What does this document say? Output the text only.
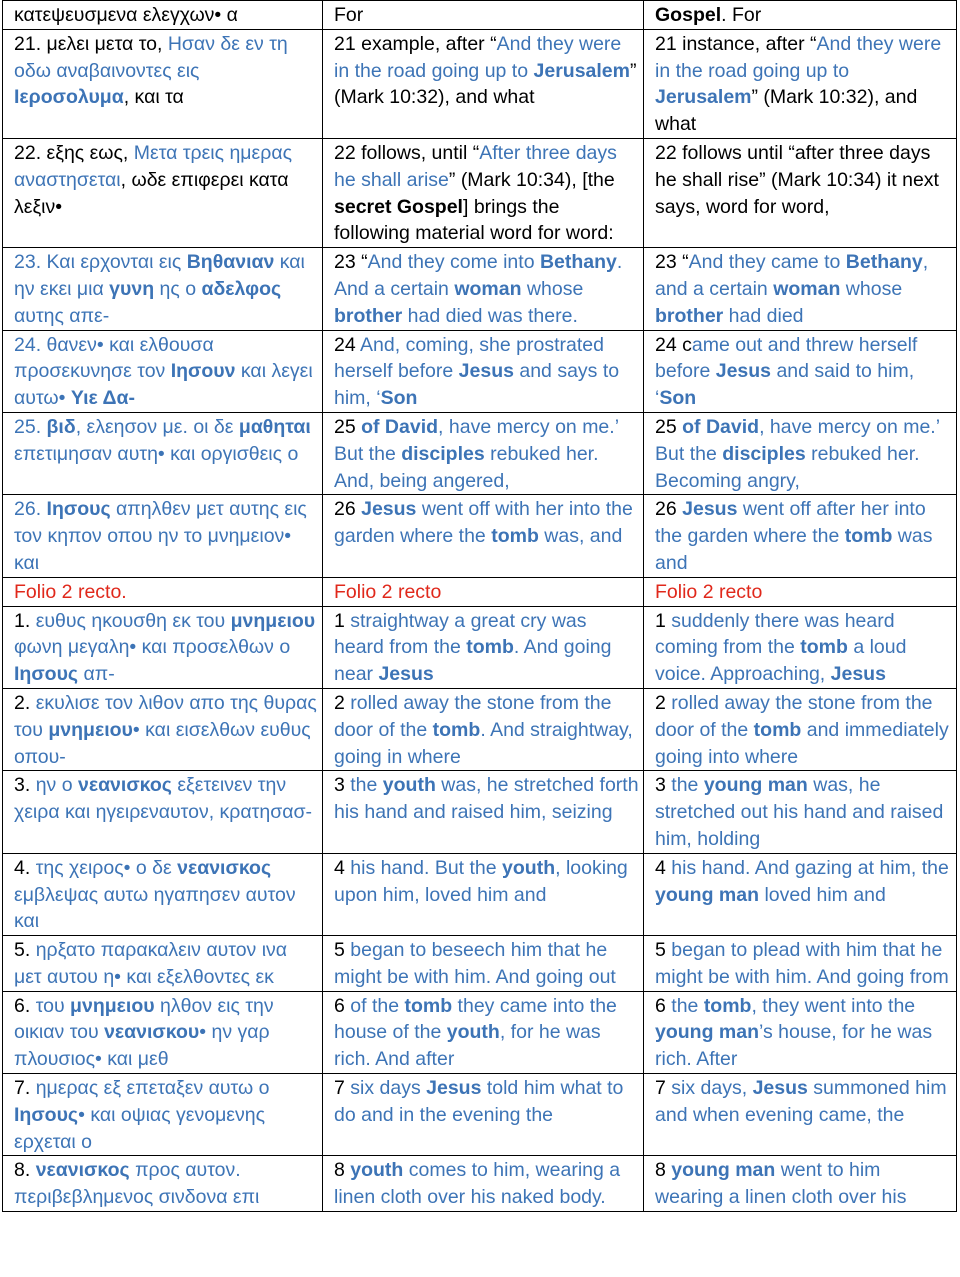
κατεψευσμενα ελεγχων• α	For	Gospel. For
21. μελει μετα το, Ησαν δε εν τη οδω αναβαινοντες εις Ιεροσολυμα, και τα	21 example, after “And they were in the road going up to Jerusalem” (Mark 10:32), and what	21 instance, after “And they were in the road going up to Jerusalem” (Mark 10:32), and what
22. εξης εως, Μετα τρεις ημερας αναστησεται, ωδε επιφερει κατα λεξιν•	22 follows, until “After three days he shall arise” (Mark 10:34), [the secret Gospel] brings the following material word for word:	22 follows until “after three days he shall rise” (Mark 10:34) it next says, word for word,
23. Και ερχονται εις Βηθανιαν και ην εκει μια γυνη ης ο αδελφος αυτης απε-	23 “And they come into Bethany. And a certain woman whose brother had died was there.	23 “And they came to Bethany, and a certain woman whose brother had died
24. θανεν• και ελθουσα προσεκυνησε τον Ιησουν και λεγει αυτω• Υιε Δα-	24 And, coming, she prostrated herself before Jesus and says to him, ‘Son	24 came out and threw herself before Jesus and said to him, ‘Son
25. βιδ, ελεησον με. οι δε μαθηται επετιμησαν αυτη• και οργισθεις ο	25 of David, have mercy on me.’ But the disciples rebuked her. And, being angered,	25 of David, have mercy on me.’ But the disciples rebuked her. Becoming angry,
26. Ιησους απηλθεν μετ αυτης εις τον κηπον οπου ην το μνημειον• και	26 Jesus went off with her into the garden where the tomb was, and	26 Jesus went off after her into the garden where the tomb was and
Folio 2 recto.	Folio 2 recto	Folio 2 recto
1. ευθυς ηκουσθη εκ του μνημειου φωνη μεγαλη• και προσελθων ο Ιησους απ-	1 straightway a great cry was heard from the tomb. And going near Jesus	1 suddenly there was heard coming from the tomb a loud voice. Approaching, Jesus
2. εκυλισε τον λιθον απο της θυρας του μνημειου• και εισελθων ευθυς οπου-	2 rolled away the stone from the door of the tomb. And straightway, going in where	2 rolled away the stone from the door of the tomb and immediately going into where
3. ην ο νεανισκος εξετεινεν την χειρα και ηγειρεναυτον, κρατησασ-	3 the youth was, he stretched forth his hand and raised him, seizing	3 the young man was, he stretched out his hand and raised him, holding
4. της χειρος• ο δε νεανισκος εμβλεψας αυτω ηγαπησεν αυτον και	4 his hand. But the youth, looking upon him, loved him and	4 his hand. And gazing at him, the young man loved him and
5. ηρξατο παρακαλειν αυτον ινα μετ αυτου η• και εξελθοντες εκ	5 began to beseech him that he might be with him. And going out	5 began to plead with him that he might be with him. And going from
6. του μνημειου ηλθον εις την οικιαν του νεανισκου• ην γαρ πλουσιος• και μεθ	6 of the tomb they came into the house of the youth, for he was rich. And after	6 the tomb, they went into the young man’s house, for he was rich. After
7. ημερας εξ επεταξεν αυτω ο Ιησους• και οψιας γενομενης ερχεται ο	7 six days Jesus told him what to do and in the evening the	7 six days, Jesus summoned him and when evening came, the
8. νεανισκος προς αυτον. περιβεβλημενος σινδονα επι	8 youth comes to him, wearing a linen cloth over his naked body.	8 young man went to him wearing a linen cloth over his
